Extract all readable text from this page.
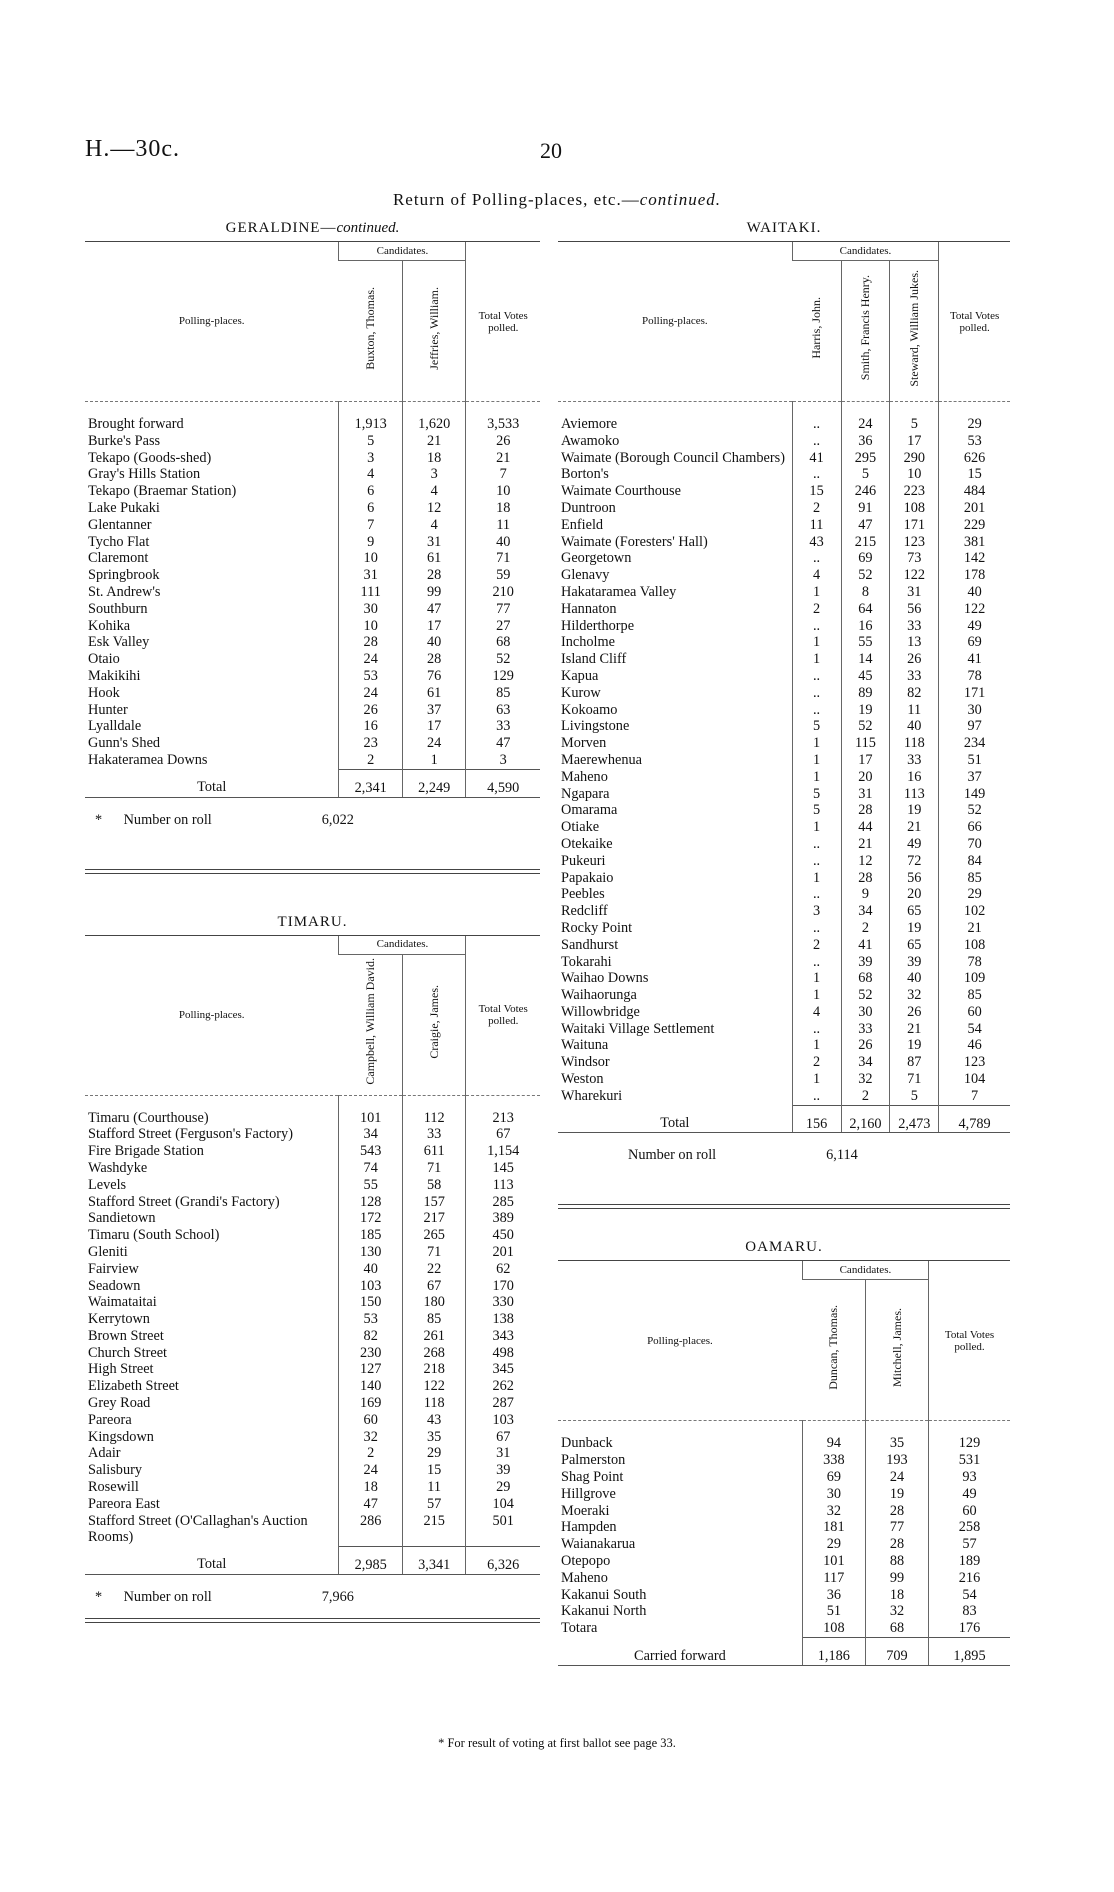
H.—30c.	20
Return of Polling-places, etc.—continued.
GERALDINE—continued.
Polling-places.	Candidates.		Total Votes polled.
	Buxton, Thomas.	Jeffries, William.	
Brought forward	1,913	1,620	3,533
Burke's Pass	5	21	26
Tekapo (Goods-shed)	3	18	21
Gray's Hills Station	4	3	7
Tekapo (Braemar Station)	6	4	10
Lake Pukaki	6	12	18
Glentanner	7	4	11
Tycho Flat	9	31	40
Claremont	10	61	71
Springbrook	31	28	59
St. Andrew's	111	99	210
Southburn	30	47	77
Kohika	10	17	27
Esk Valley	28	40	68
Otaio	24	28	52
Makikihi	53	76	129
Hook	24	61	85
Hunter	26	37	63
Lyalldale	16	17	33
Gunn's Shed	23	24	47
Hakateramea Downs	2	1	3
Total	2,341	2,249	4,590
* Number on roll	6,022
TIMARU.
Polling-places.	Candidates.		Total Votes polled.
	Campbell, William David.	Craigie, James.	
Timaru (Courthouse)	101	112	213
Stafford Street (Ferguson's Factory)	34	33	67
Fire Brigade Station	543	611	1,154
Washdyke	74	71	145
Levels	55	58	113
Stafford Street (Grandi's Factory)	128	157	285
Sandietown	172	217	389
Timaru (South School)	185	265	450
Gleniti	130	71	201
Fairview	40	22	62
Seadown	103	67	170
Waimataitai	150	180	330
Kerrytown	53	85	138
Brown Street	82	261	343
Church Street	230	268	498
High Street	127	218	345
Elizabeth Street	140	122	262
Grey Road	169	118	287
Pareora	60	43	103
Kingsdown	32	35	67
Adair	2	29	31
Salisbury	24	15	39
Rosewill	18	11	29
Pareora East	47	57	104
Stafford Street (O'Callaghan's Auction Rooms)	286	215	501
Total	2,985	3,341	6,326
* Number on roll	7,966
WAITAKI.
Polling-places.	Candidates.			Total Votes polled.
	Harris, John.	Smith, Francis Henry.	Steward, William Jukes.	
Aviemore	..	24	5	29
Awamoko	..	36	17	53
Waimate (Borough Council Chambers)	41	295	290	626
Borton's	..	5	10	15
Waimate Courthouse	15	246	223	484
Duntroon	2	91	108	201
Enfield	11	47	171	229
Waimate (Foresters' Hall)	43	215	123	381
Georgetown	..	69	73	142
Glenavy	4	52	122	178
Hakataramea Valley	1	8	31	40
Hannaton	2	64	56	122
Hilderthorpe	..	16	33	49
Incholme	1	55	13	69
Island Cliff	1	14	26	41
Kapua	..	45	33	78
Kurow	..	89	82	171
Kokoamo	..	19	11	30
Livingstone	5	52	40	97
Morven	1	115	118	234
Maerewhenua	1	17	33	51
Maheno	1	20	16	37
Ngapara	5	31	113	149
Omarama	5	28	19	52
Otiake	1	44	21	66
Otekaike	..	21	49	70
Pukeuri	..	12	72	84
Papakaio	1	28	56	85
Peebles	..	9	20	29
Redcliff	3	34	65	102
Rocky Point	..	2	19	21
Sandhurst	2	41	65	108
Tokarahi	..	39	39	78
Waihao Downs	1	68	40	109
Waihaorunga	1	52	32	85
Willowbridge	4	30	26	60
Waitaki Village Settlement	..	33	21	54
Waituna	1	26	19	46
Windsor	2	34	87	123
Weston	1	32	71	104
Wharekuri	..	2	5	7
Total	156	2,160	2,473	4,789
Number on roll	6,114
OAMARU.
Polling-places.	Candidates.		Total Votes polled.
	Duncan, Thomas.	Mitchell, James.	
Dunback	94	35	129
Palmerston	338	193	531
Shag Point	69	24	93
Hillgrove	30	19	49
Moeraki	32	28	60
Hampden	181	77	258
Waianakarua	29	28	57
Otepopo	101	88	189
Maheno	117	99	216
Kakanui South	36	18	54
Kakanui North	51	32	83
Totara	108	68	176
Carried forward	1,186	709	1,895
* For result of voting at first ballot see page 33.
